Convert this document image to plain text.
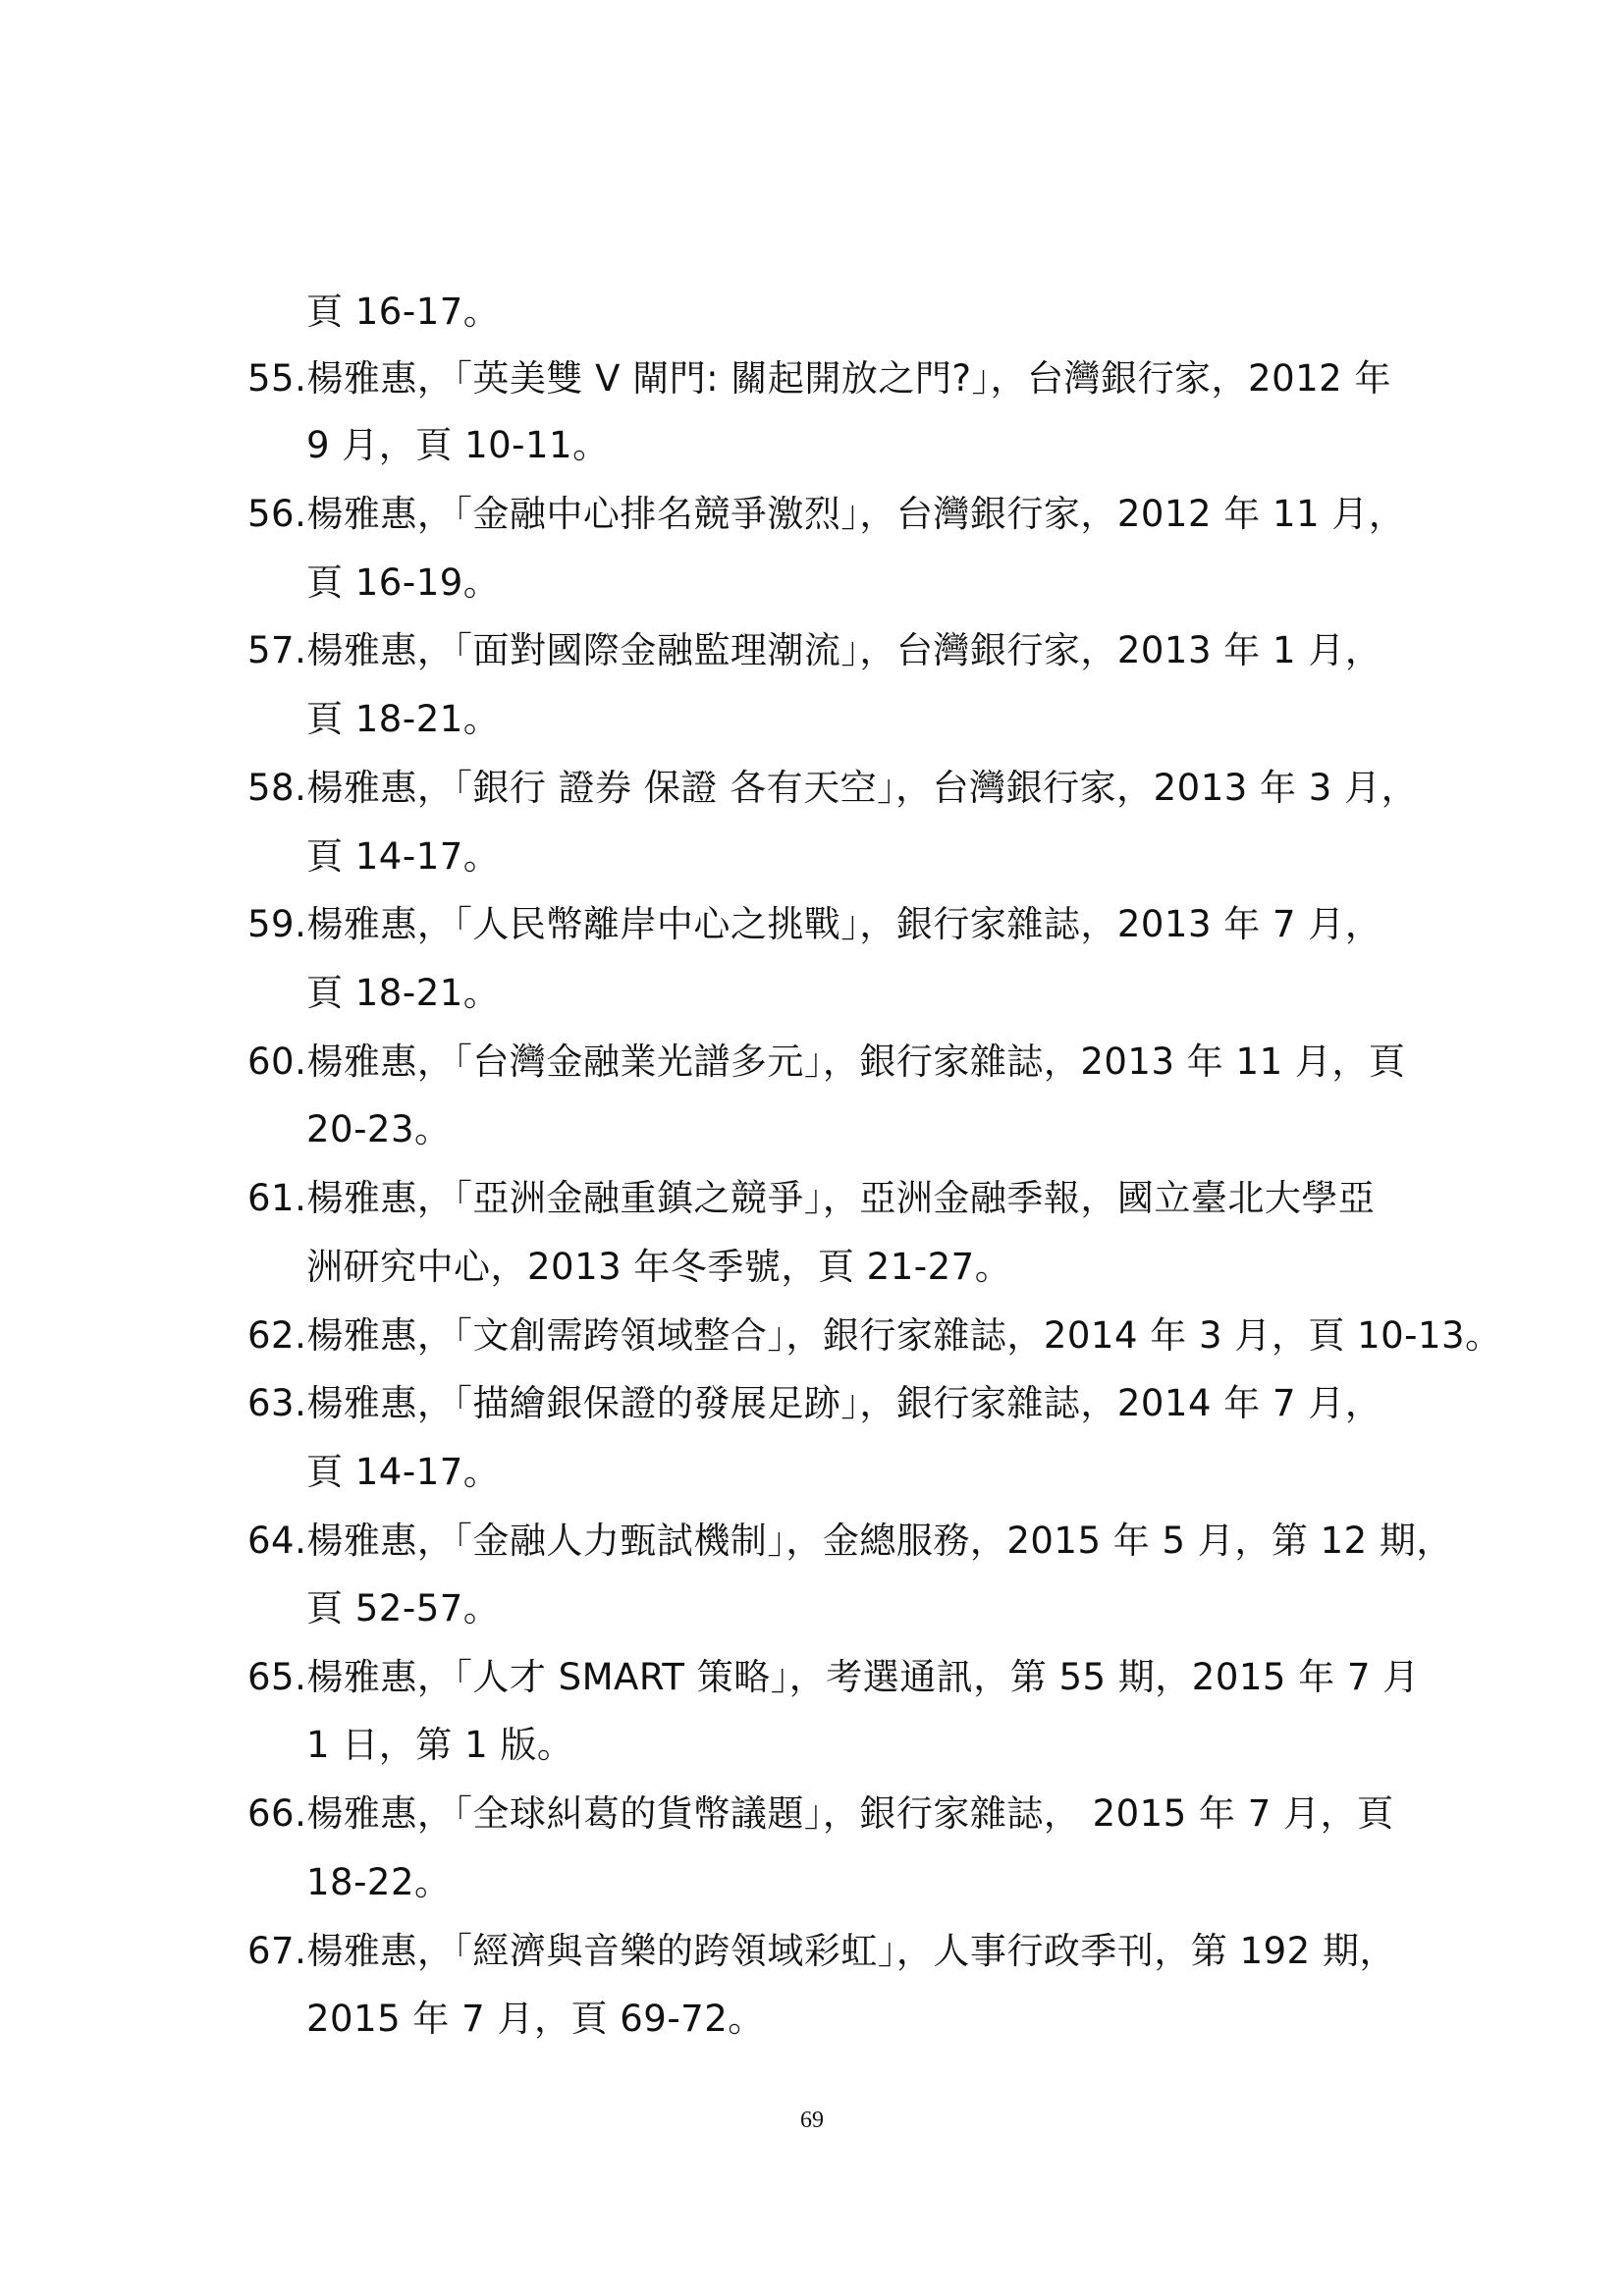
頁 16-17。
55.楊雅惠，「英美雙 V 閘門: 關起開放之門?」，台灣銀行家，2012 年
9 月，頁 10-11。
56.楊雅惠，「金融中心排名競爭激烈」，台灣銀行家，2012 年 11 月，
頁 16-19。
57.楊雅惠，「面對國際金融監理潮流」，台灣銀行家，2013 年 1 月，
頁 18-21。
58.楊雅惠，「銀行 證券 保證 各有天空」，台灣銀行家，2013 年 3 月，
頁 14-17。
59.楊雅惠，「人民幣離岸中心之挑戰」，銀行家雜誌，2013 年 7 月，
頁 18-21。
60.楊雅惠，「台灣金融業光譜多元」，銀行家雜誌，2013 年 11 月，頁
20-23。
61.楊雅惠，「亞洲金融重鎮之競爭」，亞洲金融季報，國立臺北大學亞
洲研究中心，2013 年冬季號，頁 21-27。
62.楊雅惠，「文創需跨領域整合」，銀行家雜誌，2014 年 3 月，頁 10-13。
63.楊雅惠，「描繪銀保證的發展足跡」，銀行家雜誌，2014 年 7 月，
頁 14-17。
64.楊雅惠，「金融人力甄試機制」，金總服務，2015 年 5 月，第 12 期，
頁 52-57。
65.楊雅惠，「人才 SMART 策略」，考選通訊，第 55 期，2015 年 7 月
1 日，第 1 版。
66.楊雅惠，「全球糾葛的貨幣議題」，銀行家雜誌， 2015 年 7 月，頁
18-22。
67.楊雅惠，「經濟與音樂的跨領域彩虹」，人事行政季刊，第 192 期，
2015 年 7 月，頁 69-72。
69
